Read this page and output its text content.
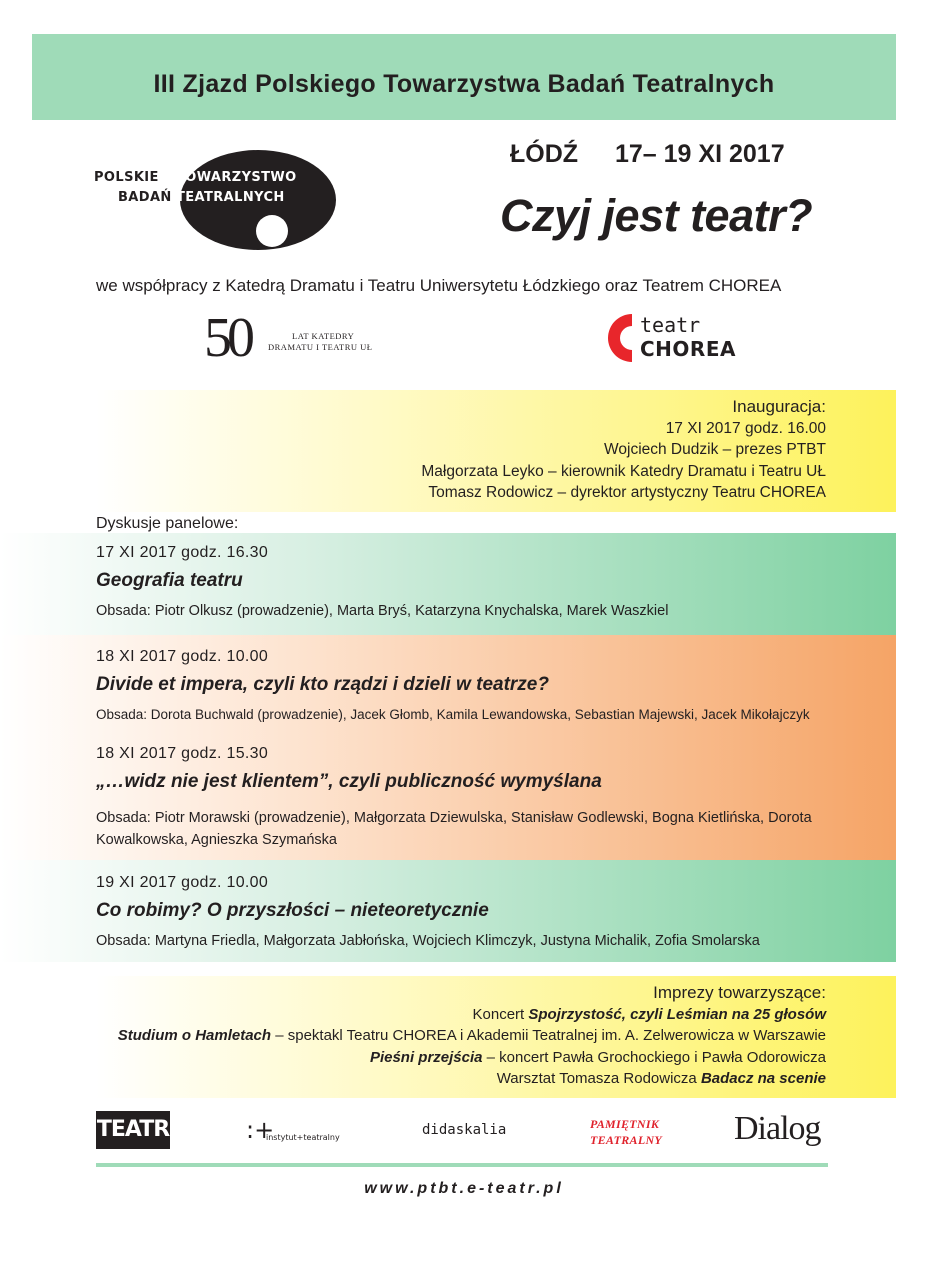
III Zjazd Polskiego Towarzystwa Badań Teatralnych
POLSKIE
BADAŃ
TOWARZYSTWO
TEATRALNYCH
ŁÓDŹ 17– 19 XI 2017
Czyj jest teatr?
we współpracy z Katedrą Dramatu i Teatru Uniwersytetu Łódzkiego oraz Teatrem CHOREA
50	LAT KATEDRY
DRAMATU I TEATRU UŁ
teatr
CHOREA
Inauguracja:
17 XI 2017 godz. 16.00
Wojciech Dudzik – prezes PTBT
Małgorzata Leyko – kierownik Katedry Dramatu i Teatru UŁ
Tomasz Rodowicz – dyrektor artystyczny Teatru CHOREA
Dyskusje panelowe:
17 XI 2017 godz. 16.30
Geografia teatru
Obsada: Piotr Olkusz (prowadzenie), Marta Bryś, Katarzyna Knychalska, Marek Waszkiel
18 XI 2017 godz. 10.00
Divide et impera, czyli kto rządzi i dzieli w teatrze?
Obsada: Dorota Buchwald (prowadzenie), Jacek Głomb, Kamila Lewandowska, Sebastian Majewski, Jacek Mikołajczyk
18 XI 2017 godz. 15.30
„…widz nie jest klientem”, czyli publiczność wymyślana
Obsada: Piotr Morawski (prowadzenie), Małgorzata Dziewulska, Stanisław Godlewski, Bogna Kietlińska, Dorota Kowalkowska, Agnieszka Szymańska
19 XI 2017 godz. 10.00
Co robimy? O przyszłości – nieteoretycznie
Obsada: Martyna Friedla, Małgorzata Jabłońska, Wojciech Klimczyk, Justyna Michalik, Zofia Smolarska
Imprezy towarzyszące:
Koncert Spojrzystość, czyli Leśmian na 25 głosów
Studium o Hamletach – spektakl Teatru CHOREA i Akademii Teatralnej im. A. Zelwerowicza w Warszawie
Pieśni przejścia – koncert Pawła Grochockiego i Pawła Odorowicza
Warsztat Tomasza Rodowicza Badacz na scenie
TEATR	:+
instytut+teatralny	didaskalia	PAMIĘTNIK
TEATRALNY Dialog
www.ptbt.e-teatr.pl
